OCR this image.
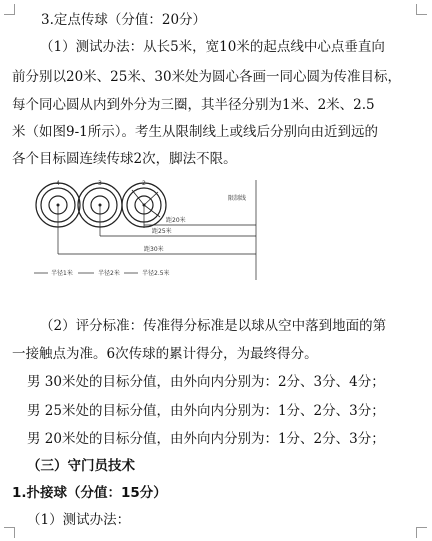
3.定点传球（分值：20分）
（1）测试办法：从长5米，宽10米的起点线中心点垂直向
前分别以20米、25米、30米处为圆心各画一同心圆为传准目标，
每个同心圆从内到外分为三圈，其半径分别为1米、2米、2.5
米（如图9-1所示）。考生从限制线上或线后分别向由近到远的
各个目标圆连续传球2次，脚法不限。
4	3	2
距20米
距25米
距30米
限制线
半径1米	半径2米	半径2.5米
（2）评分标准：传准得分标准是以球从空中落到地面的第
一接触点为准。6次传球的累计得分，为最终得分。
男 30米处的目标分值，由外向内分别为：2分、3分、4分；
男 25米处的目标分值，由外向内分别为：1分、2分、3分；
男 20米处的目标分值，由外向内分别为：1分、2分、3分；
（三）守门员技术
1.扑接球（分值：15分）
（1）测试办法：
